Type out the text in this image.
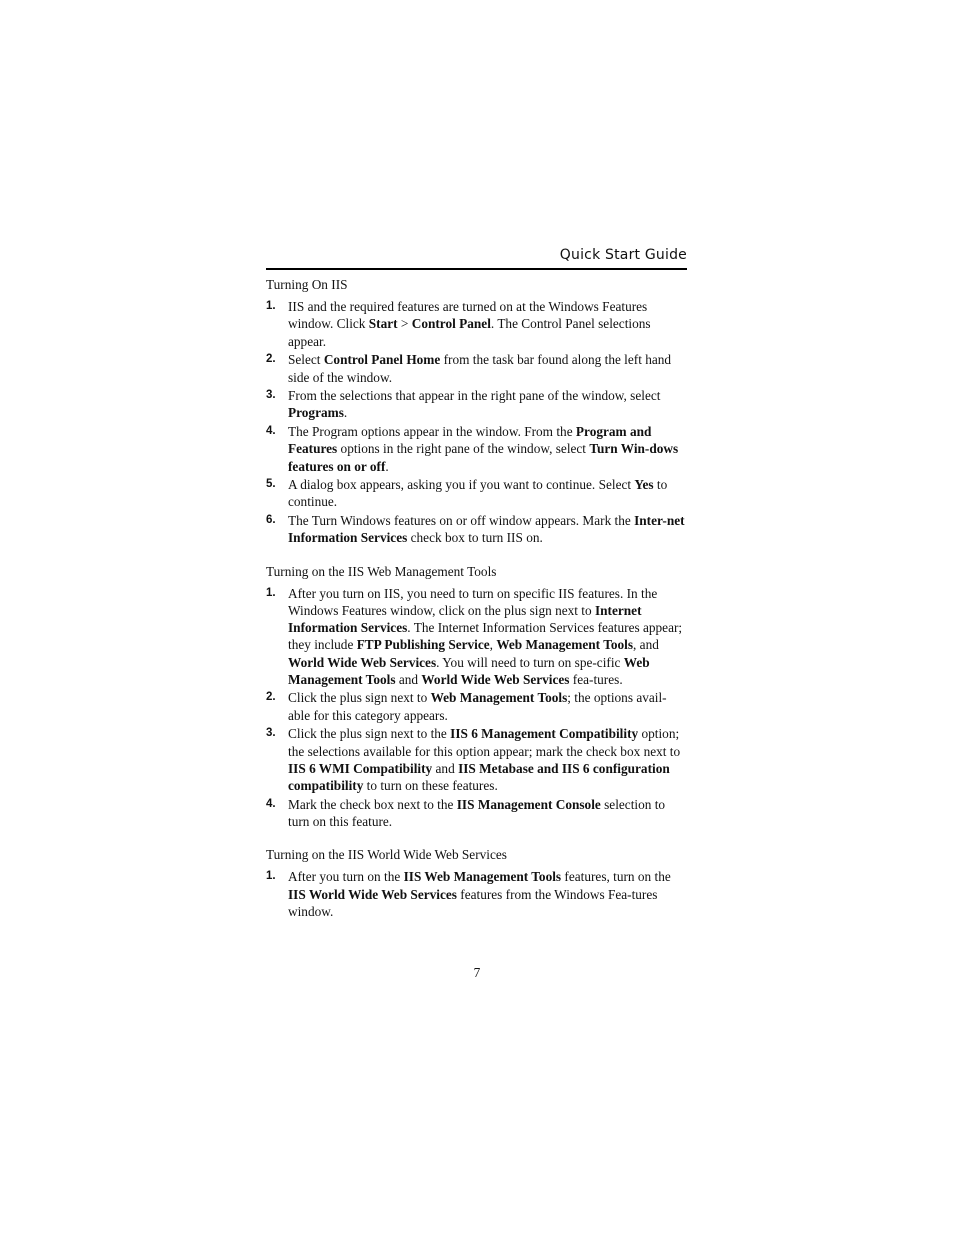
Quick Start Guide
Turning On IIS
1. IIS and the required features are turned on at the Windows Features window. Click Start > Control Panel. The Control Panel selections appear.
2. Select Control Panel Home from the task bar found along the left hand side of the window.
3. From the selections that appear in the right pane of the window, select Programs.
4. The Program options appear in the window. From the Program and Features options in the right pane of the window, select Turn Win-dows features on or off.
5. A dialog box appears, asking you if you want to continue. Select Yes to continue.
6. The Turn Windows features on or off window appears. Mark the Inter-net Information Services check box to turn IIS on.
Turning on the IIS Web Management Tools
1. After you turn on IIS, you need to turn on specific IIS features. In the Windows Features window, click on the plus sign next to Internet Information Services. The Internet Information Services features appear; they include FTP Publishing Service, Web Management Tools, and World Wide Web Services. You will need to turn on spe-cific Web Management Tools and World Wide Web Services fea-tures.
2. Click the plus sign next to Web Management Tools; the options avail-able for this category appears.
3. Click the plus sign next to the IIS 6 Management Compatibility option; the selections available for this option appear; mark the check box next to IIS 6 WMI Compatibility and IIS Metabase and IIS 6 configuration compatibility to turn on these features.
4. Mark the check box next to the IIS Management Console selection to turn on this feature.
Turning on the IIS World Wide Web Services
1. After you turn on the IIS Web Management Tools features, turn on the IIS World Wide Web Services features from the Windows Fea-tures window.
7
